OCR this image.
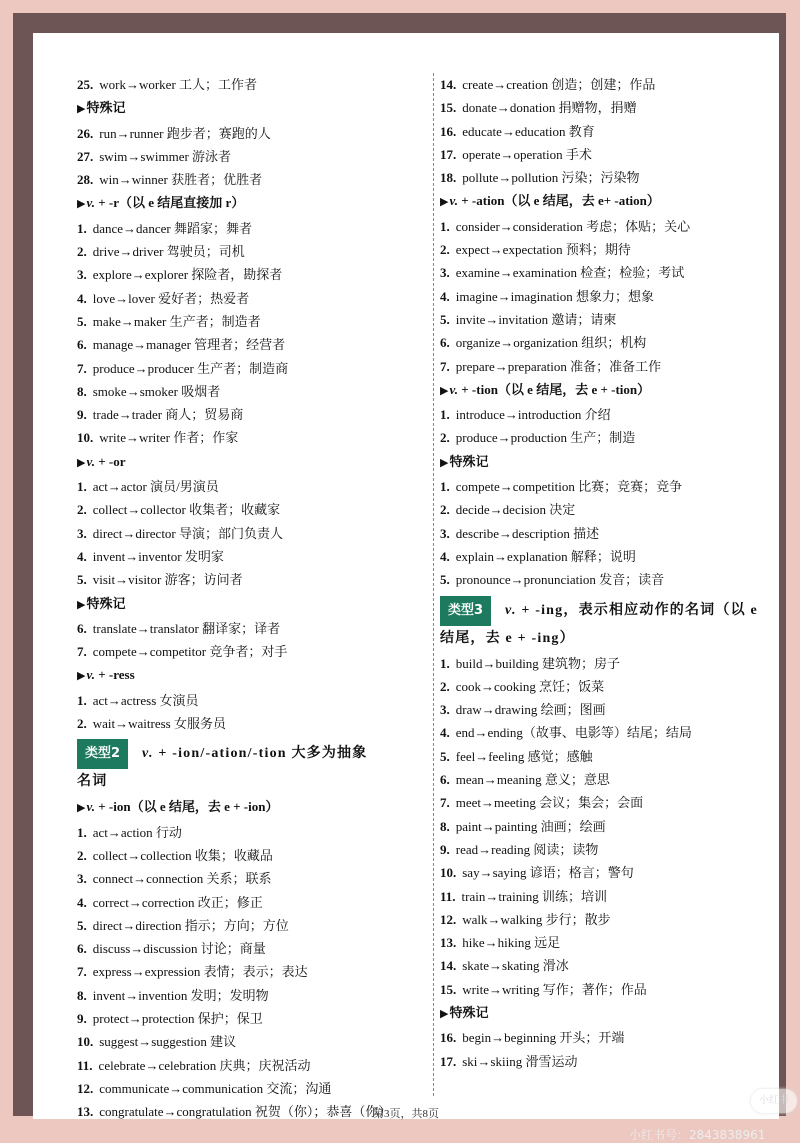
25. work→worker 工人；工作者
▶特殊记
26. run→runner 跑步者；赛跑的人
27. swim→swimmer 游泳者
28. win→winner 获胜者；优胜者
▶v. + -r（以 e 结尾直接加 r）
1. dance→dancer 舞蹈家；舞者
2. drive→driver 驾驶员；司机
3. explore→explorer 探险者，勘探者
4. love→lover 爱好者；热爱者
5. make→maker 生产者；制造者
6. manage→manager 管理者；经营者
7. produce→producer 生产者；制造商
8. smoke→smoker 吸烟者
9. trade→trader 商人；贸易商
10. write→writer 作者；作家
▶v. + -or
1. act→actor 演员/男演员
2. collect→collector 收集者；收藏家
3. direct→director 导演；部门负责人
4. invent→inventor 发明家
5. visit→visitor 游客；访问者
▶特殊记
6. translate→translator 翻译家；译者
7. compete→competitor 竞争者；对手
▶v. + -ress
1. act→actress 女演员
2. wait→waitress 女服务员
类型2 v. + -ion/-ation/-tion 大多为抽象
名词
▶v. + -ion（以 e 结尾，去 e + -ion）
1. act→action 行动
2. collect→collection 收集；收藏品
3. connect→connection 关系；联系
4. correct→correction 改正；修正
5. direct→direction 指示；方向；方位
6. discuss→discussion 讨论；商量
7. express→expression 表情；表示；表达
8. invent→invention 发明；发明物
9. protect→protection 保护；保卫
10. suggest→suggestion 建议
11. celebrate→celebration 庆典；庆祝活动
12. communicate→communication 交流；沟通
13. congratulate→congratulation 祝贺（你）；恭喜（你）
14. create→creation 创造；创建；作品
15. donate→donation 捐赠物，捐赠
16. educate→education 教育
17. operate→operation 手术
18. pollute→pollution 污染；污染物
▶v. + -ation（以 e 结尾，去 e+ -ation）
1. consider→consideration 考虑；体贴；关心
2. expect→expectation 预料；期待
3. examine→examination 检查；检验；考试
4. imagine→imagination 想象力；想象
5. invite→invitation 邀请；请柬
6. organize→organization 组织；机构
7. prepare→preparation 准备；准备工作
▶v. + -tion（以 e 结尾，去 e + -tion）
1. introduce→introduction 介绍
2. produce→production 生产；制造
▶特殊记
1. compete→competition 比赛；竞赛；竞争
2. decide→decision 决定
3. describe→description 描述
4. explain→explanation 解释；说明
5. pronounce→pronunciation 发音；读音
类型3 v. + -ing，表示相应动作的名词（以 e
结尾，去 e + -ing）
1. build→building 建筑物；房子
2. cook→cooking 烹饪；饭菜
3. draw→drawing 绘画；图画
4. end→ending（故事、电影等）结尾；结局
5. feel→feeling 感觉；感触
6. mean→meaning 意义；意思
7. meet→meeting 会议；集会；会面
8. paint→painting 油画；绘画
9. read→reading 阅读；读物
10. say→saying 谚语；格言；警句
11. train→training 训练；培训
12. walk→walking 步行；散步
13. hike→hiking 远足
14. skate→skating 滑冰
15. write→writing 写作；著作；作品
▶特殊记
16. begin→beginning 开头；开端
17. ski→skiing 滑雪运动
第3页，共8页
小红书
小红书号：2843838961
